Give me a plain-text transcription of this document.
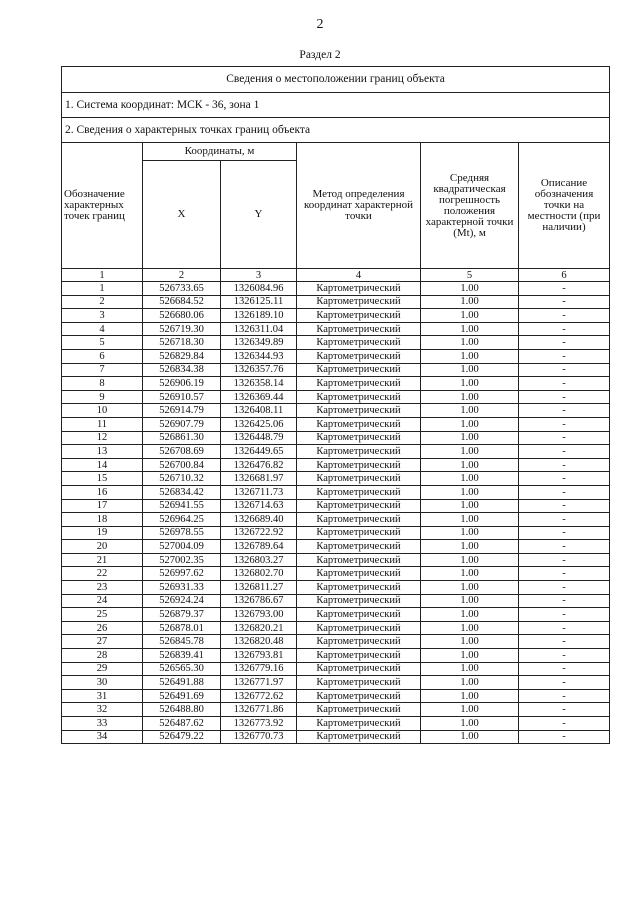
2
Раздел 2
Сведения о местоположении границ объекта					
1. Система координат: МСК - 36, зона 1					
2. Сведения о характерных точках границ объекта					
Обозначение характерных точек границ	Координаты, м		Метод определения координат характерной точки	Средняя квадратическая погрешность положения характерной точки (Mt), м	Описание обозначения точки на местности (при наличии)
	X	Y			
1	2	3	4	5	6
1	526733.65	1326084.96	Картометрический	1.00	-
2	526684.52	1326125.11	Картометрический	1.00	-
3	526680.06	1326189.10	Картометрический	1.00	-
4	526719.30	1326311.04	Картометрический	1.00	-
5	526718.30	1326349.89	Картометрический	1.00	-
6	526829.84	1326344.93	Картометрический	1.00	-
7	526834.38	1326357.76	Картометрический	1.00	-
8	526906.19	1326358.14	Картометрический	1.00	-
9	526910.57	1326369.44	Картометрический	1.00	-
10	526914.79	1326408.11	Картометрический	1.00	-
11	526907.79	1326425.06	Картометрический	1.00	-
12	526861.30	1326448.79	Картометрический	1.00	-
13	526708.69	1326449.65	Картометрический	1.00	-
14	526700.84	1326476.82	Картометрический	1.00	-
15	526710.32	1326681.97	Картометрический	1.00	-
16	526834.42	1326711.73	Картометрический	1.00	-
17	526941.55	1326714.63	Картометрический	1.00	-
18	526964.25	1326689.40	Картометрический	1.00	-
19	526978.55	1326722.92	Картометрический	1.00	-
20	527004.09	1326789.64	Картометрический	1.00	-
21	527002.35	1326803.27	Картометрический	1.00	-
22	526997.62	1326802.70	Картометрический	1.00	-
23	526931.33	1326811.27	Картометрический	1.00	-
24	526924.24	1326786.67	Картометрический	1.00	-
25	526879.37	1326793.00	Картометрический	1.00	-
26	526878.01	1326820.21	Картометрический	1.00	-
27	526845.78	1326820.48	Картометрический	1.00	-
28	526839.41	1326793.81	Картометрический	1.00	-
29	526565.30	1326779.16	Картометрический	1.00	-
30	526491.88	1326771.97	Картометрический	1.00	-
31	526491.69	1326772.62	Картометрический	1.00	-
32	526488.80	1326771.86	Картометрический	1.00	-
33	526487.62	1326773.92	Картометрический	1.00	-
34	526479.22	1326770.73	Картометрический	1.00	-
